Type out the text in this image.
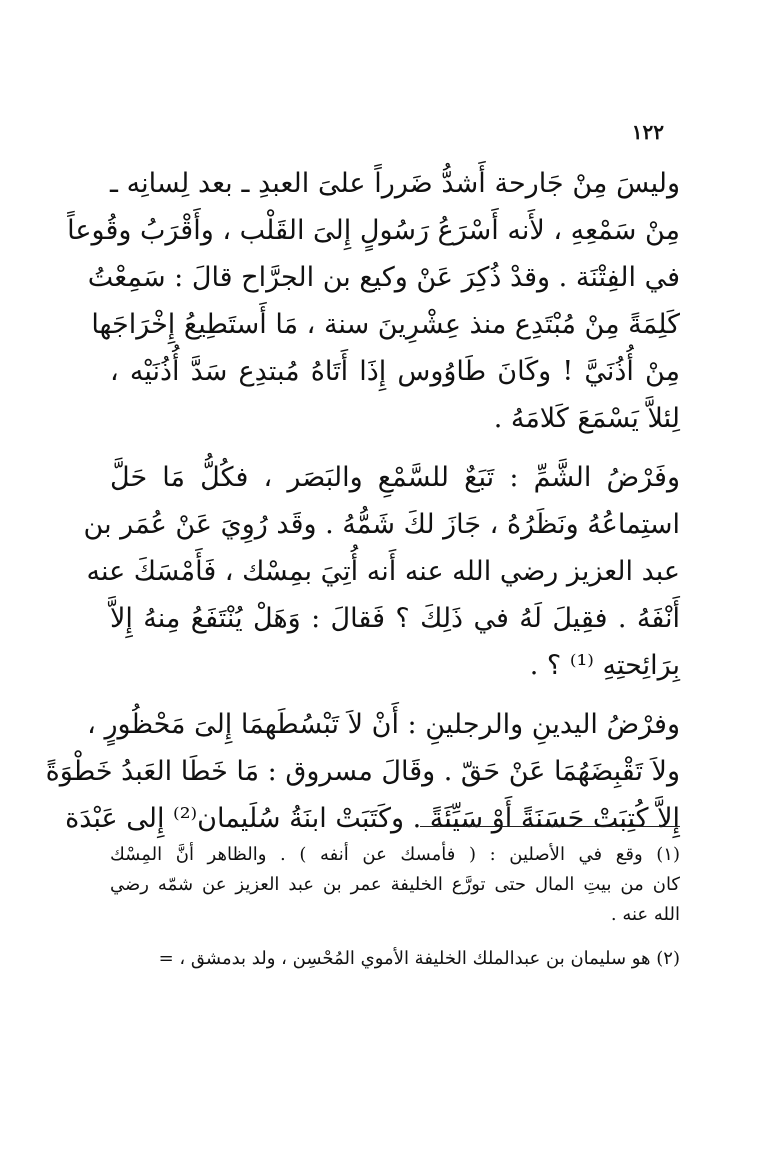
١٢٢
وليسَ مِنْ جَارحة أَشدُّ ضَرراً علىَ العبدِ ـ بعد لِسانِه ـ
مِنْ سَمْعِهِ ، لأَنه أَسْرَعُ رَسُولٍ إِلىَ القَلْب ، وأَقْرَبُ وقُوعاً
في الفِتْنَة . وقدْ ذُكِرَ عَنْ وكيع بن الجرَّاح قالَ : سَمِعْتُ
كَلِمَةً مِنْ مُبْتَدِع منذ عِشْرِينَ سنة ، مَا أَستَطِيعُ إِخْرَاجَها
مِنْ أُذُنَيَّ ! وكَانَ طَاوُوس إِذَا أَتَاهُ مُبتدِع سَدَّ أُذُنَيْه ،
لِئلاَّ يَسْمَعَ كَلامَهُ .
وفَرْضُ الشَّمِّ : تَبَعٌ للسَّمْعِ والبَصَر ، فكُلُّ مَا حَلَّ
استِماعُهُ ونَظَرُهُ ، جَازَ لكَ شَمُّهُ . وقَد رُوِيَ عَنْ عُمَر بن
عبد العزيز رضي الله عنه أَنه أُتِيَ بمِسْك ، فَأَمْسَكَ عنه
أَنْفَهُ . فقِيلَ لَهُ في ذَلِكَ ؟ فَقالَ : وَهَلْ يُنْتَفَعُ مِنهُ إِلاَّ
بِرَائِحتِهِ ⁽¹⁾ ؟ .
وفرْضُ اليدينِ والرجلينِ : أَنْ لاَ تَبْسُطَهمَا إِلىَ مَحْظُورٍ ،
ولاَ تَقْبِضَهُمَا عَنْ حَقّ . وقَالَ مسروق : مَا خَطَا العَبدُ خَطْوَةً
إِلاَّ كُتِبَتْ حَسَنَةً أَوْ سَيِّئَةً . وكَتَبَتْ ابنَةُ سُلَيمان⁽²⁾ إِلى عَبْدَة
(١) وقع في الأصلين : ( فأمسك عن أنفه ) . والظاهر أنَّ المِسْك
كان من بيتِ المال حتى تورَّع الخليفة عمر بن عبد العزيز عن شمّه رضي
الله عنه .
(٢) هو سليمان بن عبدالملك الخليفة الأموي المُحْسِن ، ولد بدمشق ، =
